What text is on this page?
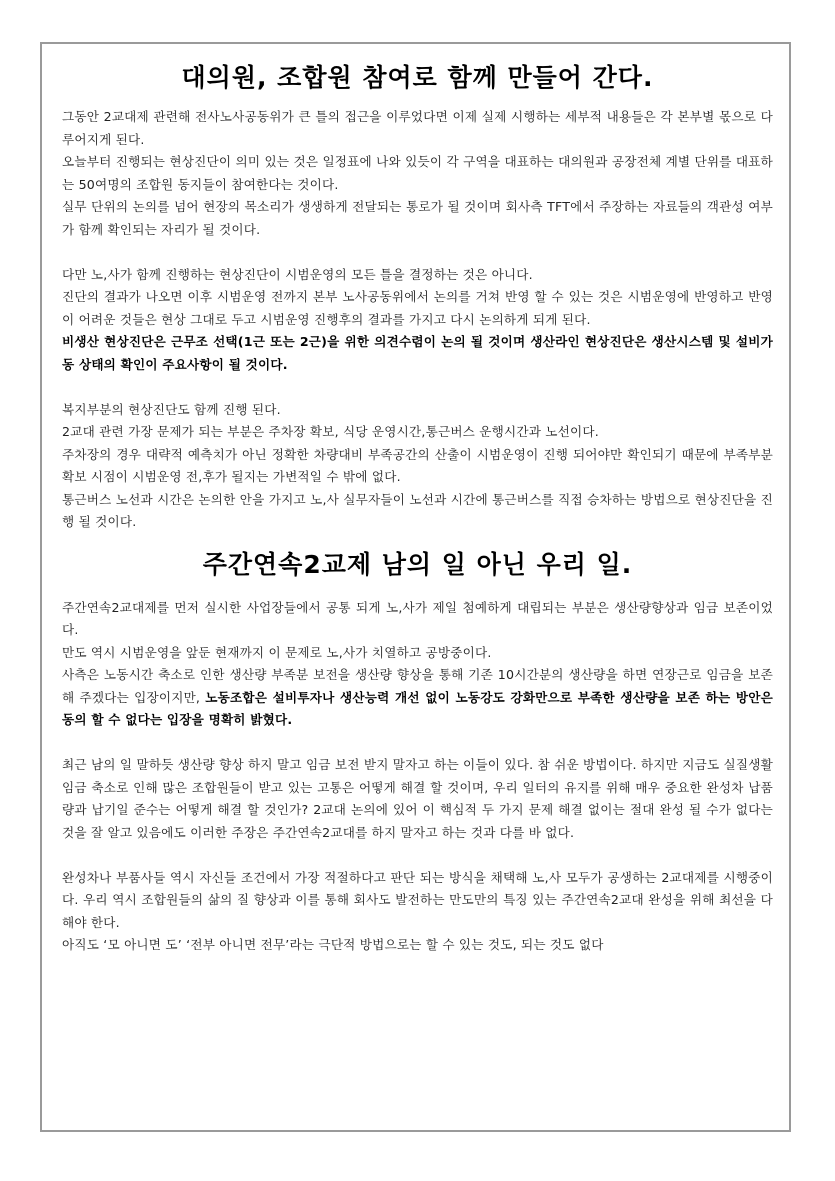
대의원, 조합원 참여로 함께 만들어 간다.

그동안 2교대제 관련해 전사노사공동위가 큰 틀의 접근을 이루었다면 이제 실제 시행하는 세부적 내용들은 각 본부별 몫으로 다루어지게 된다.

오늘부터 진행되는 현상진단이 의미 있는 것은 일정표에 나와 있듯이 각 구역을 대표하는 대의원과 공장전체 계별 단위를 대표하는 50여명의 조합원 동지들이 참여한다는 것이다.

실무 단위의 논의를 넘어 현장의 목소리가 생생하게 전달되는 통로가 될 것이며 회사측 TFT에서 주장하는 자료들의 객관성 여부가 함께 확인되는 자리가 될 것이다.

다만 노,사가 함께 진행하는 현상진단이 시범운영의 모든 틀을 결정하는 것은 아니다.

진단의 결과가 나오면 이후 시범운영 전까지 본부 노사공동위에서 논의를 거쳐 반영 할 수 있는 것은 시범운영에 반영하고 반영이 어려운 것들은 현상 그대로 두고 시범운영 진행후의 결과를 가지고 다시 논의하게 되게 된다.

비생산 현상진단은 근무조 선택(1근 또는 2근)을 위한 의견수렴이 논의 될 것이며 생산라인 현상진단은 생산시스템 및 설비가동 상태의 확인이 주요사항이 될 것이다.

복지부분의 현상진단도 함께 진행 된다.

2교대 관련 가장 문제가 되는 부분은 주차장 확보, 식당 운영시간,통근버스 운행시간과 노선이다.

주차장의 경우 대략적 예측치가 아닌 정확한 차량대비 부족공간의 산출이 시범운영이 진행 되어야만 확인되기 때문에 부족부분 확보 시점이 시범운영 전,후가 될지는 가변적일 수 밖에 없다.

통근버스 노선과 시간은 논의한 안을 가지고 노,사 실무자들이 노선과 시간에 통근버스를 직접 승차하는 방법으로 현상진단을 진행 될 것이다.

주간연속2교제 남의 일 아닌 우리 일.

주간연속2교대제를 먼저 실시한 사업장들에서 공통 되게 노,사가 제일 첨예하게 대립되는 부분은 생산량향상과 임금 보존이었다.

만도 역시 시범운영을 앞둔 현재까지 이 문제로 노,사가 치열하고 공방중이다.

사측은 노동시간 축소로 인한 생산량 부족분 보전을 생산량 향상을 통해 기존 10시간분의 생산량을 하면 연장근로 임금을 보존해 주겠다는 입장이지만, 노동조합은 설비투자나 생산능력 개선 없이 노동강도 강화만으로 부족한 생산량을 보존 하는 방안은 동의 할 수 없다는 입장을 명확히 밝혔다.

최근 남의 일 말하듯 생산량 향상 하지 말고 임금 보전 받지 말자고 하는 이들이 있다. 참 쉬운 방법이다. 하지만 지금도 실질생활임금 축소로 인해 많은 조합원들이 받고 있는 고통은 어떻게 해결 할 것이며, 우리 일터의 유지를 위해 매우 중요한 완성차 납품량과 납기일 준수는 어떻게 해결 할 것인가? 2교대 논의에 있어 이 핵심적 두 가지 문제 해결 없이는 절대 완성 될 수가 없다는 것을 잘 알고 있음에도 이러한 주장은 주간연속2교대를 하지 말자고 하는 것과 다를 바 없다.

완성차나 부품사들 역시 자신들 조건에서 가장 적절하다고 판단 되는 방식을 채택해 노,사 모두가 공생하는 2교대제를 시행중이다. 우리 역시 조합원들의 삶의 질 향상과 이를 통해 회사도 발전하는 만도만의 특징 있는 주간연속2교대 완성을 위해 최선을 다 해야 한다.

아직도 ‘모 아니면 도’ ‘전부 아니면 전무’라는 극단적 방법으로는 할 수 있는 것도, 되는 것도 없다
